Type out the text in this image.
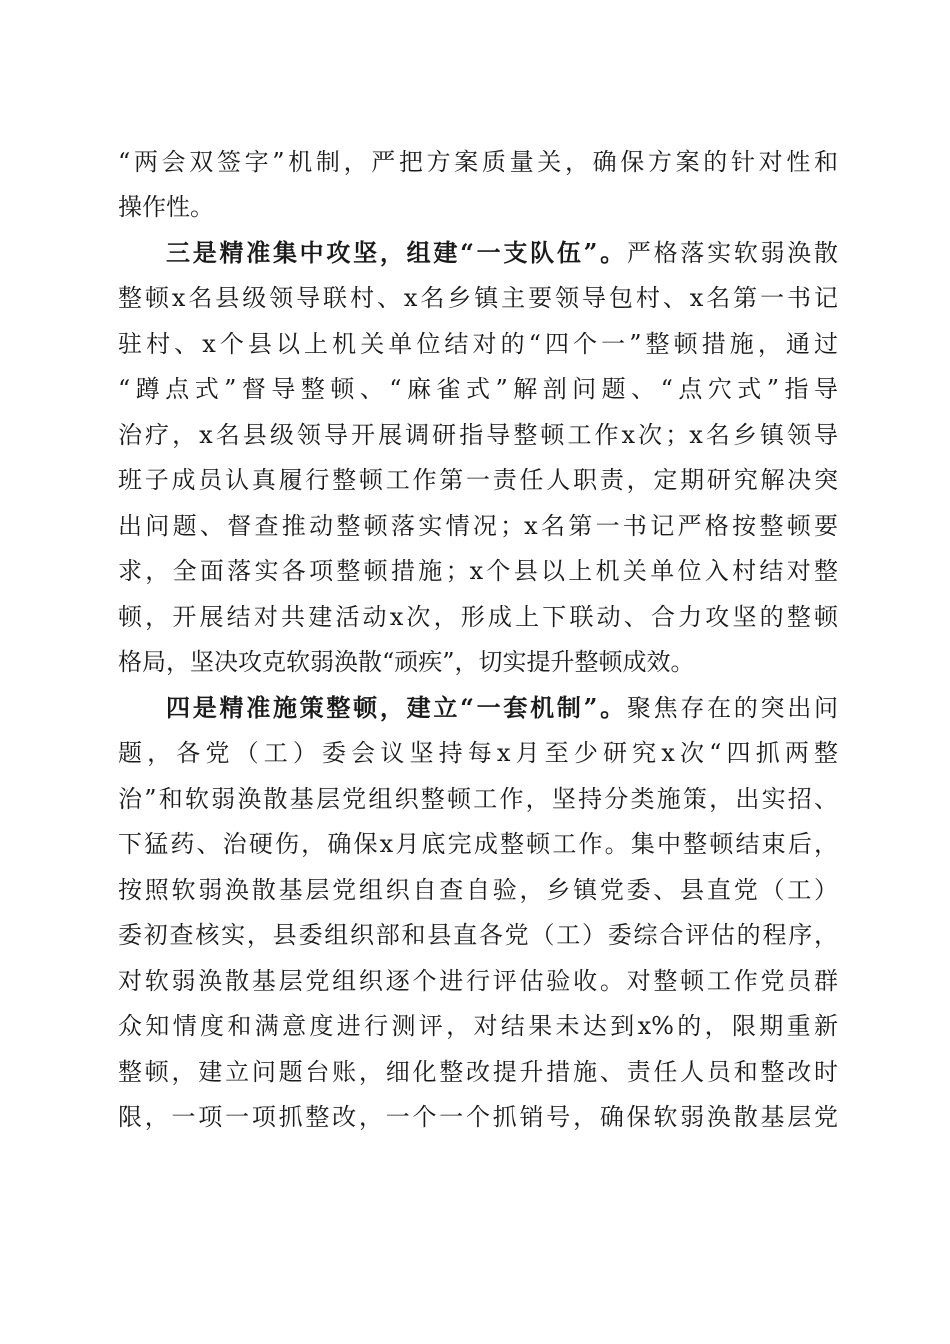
“两会双签字”机制，严把方案质量关，确保方案的针对性和
操作性。
三是精准集中攻坚，组建“一支队伍”。严格落实软弱涣散
整顿x名县级领导联村、x名乡镇主要领导包村、x名第一书记
驻村、x个县以上机关单位结对的“四个一”整顿措施，通过
“蹲点式”督导整顿、“麻雀式”解剖问题、“点穴式”指导
治疗，x名县级领导开展调研指导整顿工作x次；x名乡镇领导
班子成员认真履行整顿工作第一责任人职责，定期研究解决突
出问题、督查推动整顿落实情况；x名第一书记严格按整顿要
求，全面落实各项整顿措施；x个县以上机关单位入村结对整
顿，开展结对共建活动x次，形成上下联动、合力攻坚的整顿
格局，坚决攻克软弱涣散“顽疾”，切实提升整顿成效。
四是精准施策整顿，建立“一套机制”。聚焦存在的突出问
题，各党（工）委会议坚持每x月至少研究x次“四抓两整
治”和软弱涣散基层党组织整顿工作，坚持分类施策，出实招、
下猛药、治硬伤，确保x月底完成整顿工作。集中整顿结束后，
按照软弱涣散基层党组织自查自验，乡镇党委、县直党（工）
委初查核实，县委组织部和县直各党（工）委综合评估的程序，
对软弱涣散基层党组织逐个进行评估验收。对整顿工作党员群
众知情度和满意度进行测评，对结果未达到x%的，限期重新
整顿，建立问题台账，细化整改提升措施、责任人员和整改时
限，一项一项抓整改，一个一个抓销号，确保软弱涣散基层党
